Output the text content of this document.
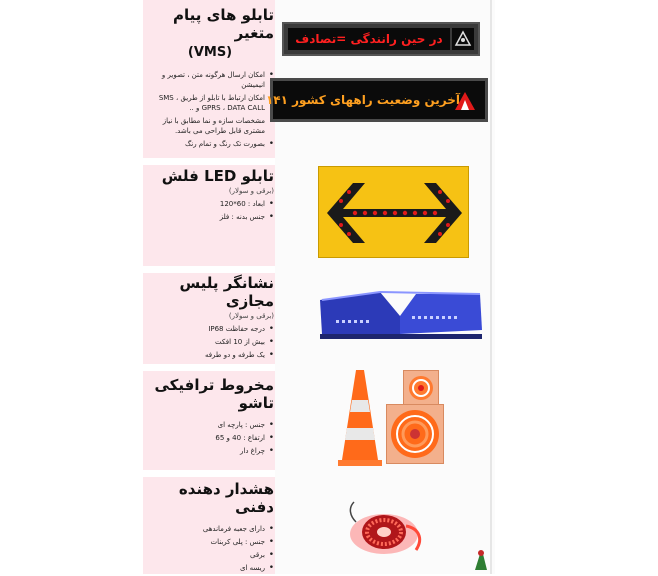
تابلو های پیام متغیر
(VMS)
• امکان ارسال هرگونه متن ، تصویر و انیمیشن
• امکان ارتباط با تابلو از طریق SMS ، GPRS ، DATA CALL و ..
• مشخصات سازه و نما مطابق با نیاز مشتری قابل طراحی می باشد.
• بصورت تک رنگ و تمام رنگ
تابلو LED فلش
(برقی و سولار)
• ابعاد : 60*120
• جنس بدنه : فلز
نشانگر پلیس مجازی
(برقی و سولار)
• درجه حفاظت IP68
• بیش از 10 افکت
• یک طرفه و دو طرفه
مخروط ترافیکی تاشو
• جنس : پارچه ای
• ارتفاع : 40 و 65
• چراغ دار
هشدار دهنده دفنی
• دارای جعبه فرماندهی
• جنس : پلی کربنات
• برقی
• ریسه ای
در حین رانندگی =تصادف
آخرین وضعیت راههای کشور ۱۴۱
